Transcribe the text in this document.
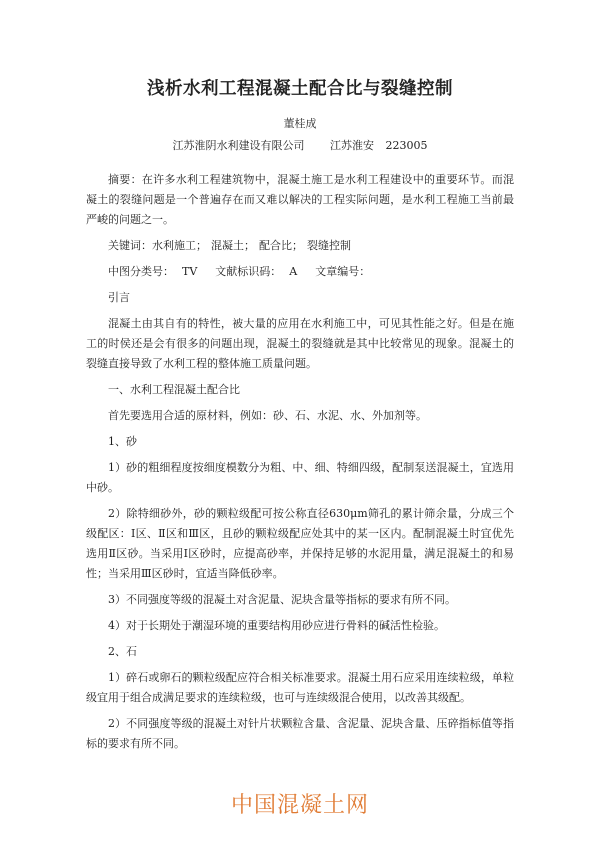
浅析水利工程混凝土配合比与裂缝控制
董桂成
江苏淮阴水利建设有限公司 江苏淮安 223005

摘要：在许多水利工程建筑物中，混凝土施工是水利工程建设中的重要环节。而混凝土的裂缝问题是一个普遍存在而又难以解决的工程实际问题，是水利工程施工当前最严峻的问题之一。

关键词：水利施工； 混凝土； 配合比； 裂缝控制

中图分类号： TV 文献标识码： A 文章编号：

引言

混凝土由其自有的特性，被大量的应用在水利施工中，可见其性能之好。但是在施工的时侯还是会有很多的问题出现，混凝土的裂缝就是其中比较常见的现象。混凝土的裂缝直接导致了水利工程的整体施工质量问题。

一、水利工程混凝土配合比

首先要选用合适的原材料，例如：砂、石、水泥、水、外加剂等。

1、砂

1）砂的粗细程度按细度模数分为粗、中、细、特细四级，配制泵送混凝土，宜选用中砂。

2）除特细砂外，砂的颗粒级配可按公称直径630μm筛孔的累计筛余量，分成三个级配区：Ⅰ区、Ⅱ区和Ⅲ区，且砂的颗粒级配应处其中的某一区内。配制混凝土时宜优先选用Ⅱ区砂。当采用Ⅰ区砂时，应提高砂率，并保持足够的水泥用量，满足混凝土的和易性；当采用Ⅲ区砂时，宜适当降低砂率。

3）不同强度等级的混凝土对含泥量、泥块含量等指标的要求有所不同。

4）对于长期处于潮湿环境的重要结构用砂应进行骨料的碱活性检验。

2、石

1）碎石或卵石的颗粒级配应符合相关标准要求。混凝土用石应采用连续粒级，单粒级宜用于组合成满足要求的连续粒级，也可与连续级混合使用，以改善其级配。

2）不同强度等级的混凝土对针片状颗粒含量、含泥量、泥块含量、压碎指标值等指标的要求有所不同。

中国混凝土网
